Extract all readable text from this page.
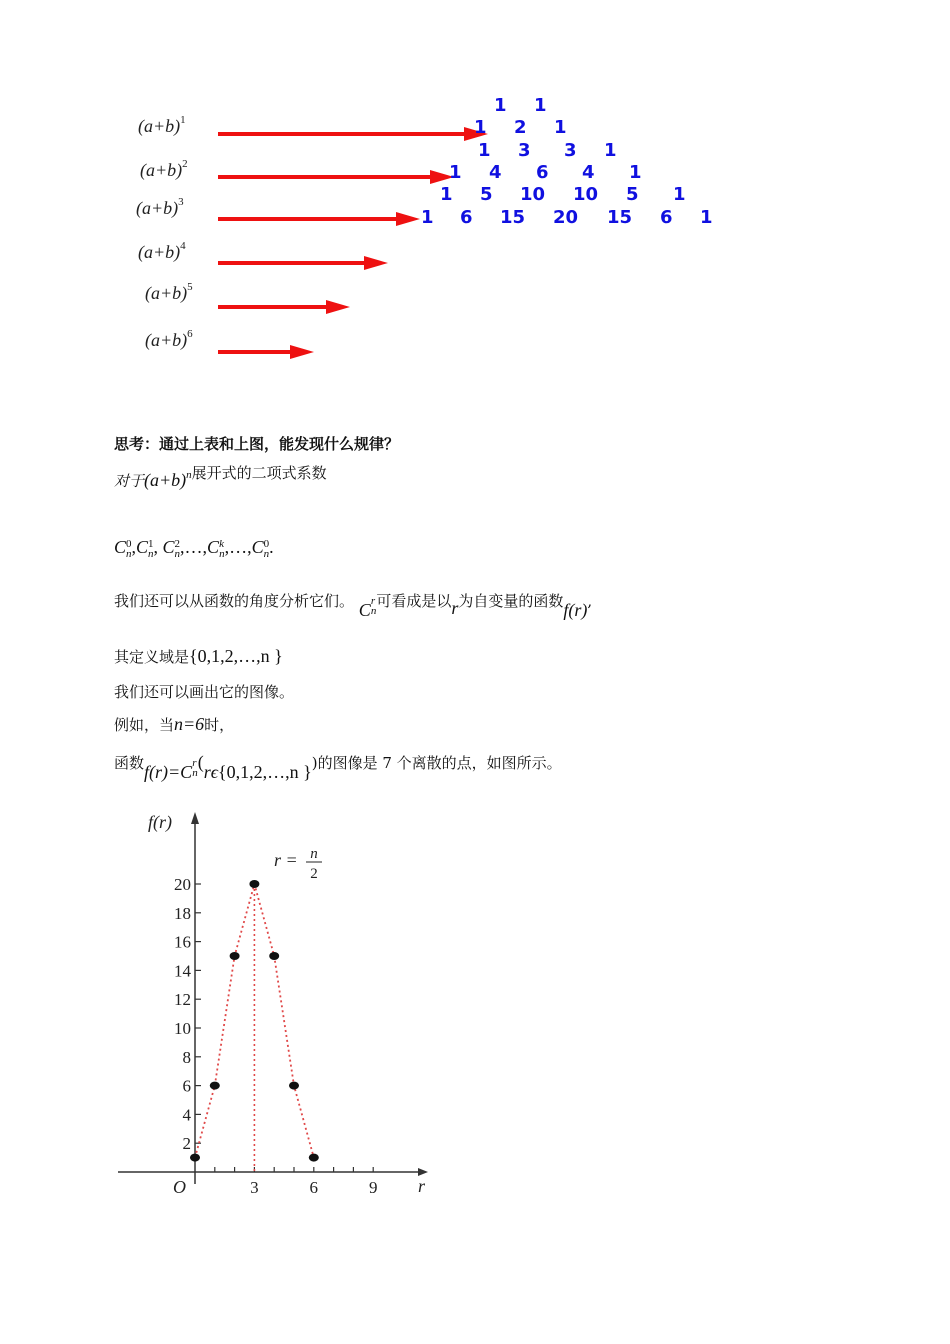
$(a+b)^1$
$(a+b)^2$
$(a+b)^3$
$(a+b)^4$
$(a+b)^5$
$(a+b)^6$
1 1
1 2 1
1 3 3 1
1 4 6 4 1
1 5 10 10 5 1
1 6 15 20 15 6 1
思考：通过上表和上图，能发现什么规律？
对于$(a+b)^n$展开式的二项式系数
C 0
n ,C 1
n , C 2
n ,…,C k
n ,…,C 0
n .
我们还可以从函数的角度分析它们。 C r
n
可看成是以r为自变量的函数f(r),
其定义域是{0,1,2,…,n }
我们还可以画出它的图像。
例如，当n=6时，
函数f(r)=C r
n
(rϵ{0,1,2,…,n })的图像是 7 个离散的点，如图所示。
f(r)
r
O
2
4
6
8
10
12
14
16
18
20
3	6	9
r = n
2
